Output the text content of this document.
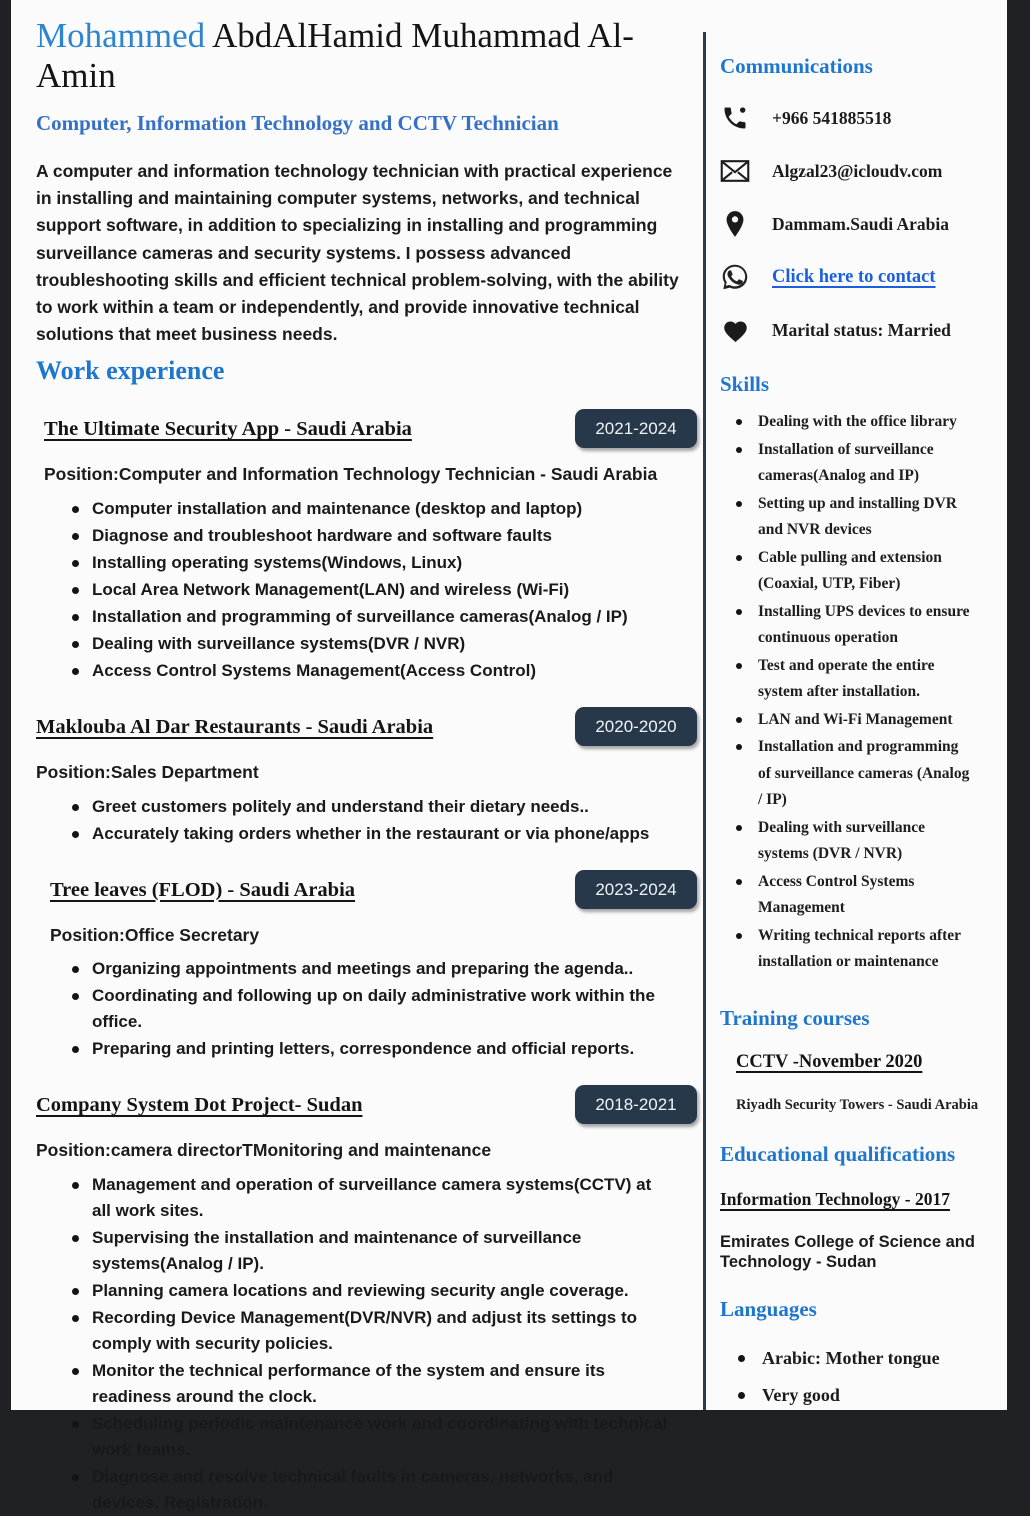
Mohammed AbdAlHamid Muhammad Al-Amin
Computer, Information Technology and CCTV Technician

A computer and information technology technician with practical experience in installing and maintaining computer systems, networks, and technical support software, in addition to specializing in installing and programming surveillance cameras and security systems. I possess advanced troubleshooting skills and efficient technical problem-solving, with the ability to work within a team or independently, and provide innovative technical solutions that meet business needs.

Work experience
The Ultimate Security App - Saudi Arabia	2021-2024

Position:Computer and Information Technology Technician - Saudi Arabia

Computer installation and maintenance (desktop and laptop)
Diagnose and troubleshoot hardware and software faults
Installing operating systems(Windows, Linux)
Local Area Network Management(LAN) and wireless (Wi-Fi)
Installation and programming of surveillance cameras(Analog / IP)
Dealing with surveillance systems(DVR / NVR)
Access Control Systems Management(Access Control)
Maklouba Al Dar Restaurants - Saudi Arabia	2020-2020

Position:Sales Department

Greet customers politely and understand their dietary needs..
Accurately taking orders whether in the restaurant or via phone/apps
Tree leaves (FLOD) - Saudi Arabia	2023-2024

Position:Office Secretary

Organizing appointments and meetings and preparing the agenda..
Coordinating and following up on daily administrative work within the office.
Preparing and printing letters, correspondence and official reports.
Company System Dot Project- Sudan	2018-2021

Position:camera directorTMonitoring and maintenance

Management and operation of surveillance camera systems(CCTV) at all work sites.
Supervising the installation and maintenance of surveillance systems(Analog / IP).
Planning camera locations and reviewing security angle coverage.
Recording Device Management(DVR/NVR) and adjust its settings to comply with security policies.
Monitor the technical performance of the system and ensure its readiness around the clock.
Scheduling periodic maintenance work and coordinating with technical work teams.
Diagnose and resolve technical faults in cameras, networks, and devices. Registration.
Communications
+966 541885518
Algzal23@icloudv.com
Dammam.Saudi Arabia
Click here to contact
Marital status: Married
Skills
Dealing with the office library
Installation of surveillance cameras(Analog and IP)
Setting up and installing DVR and NVR devices
Cable pulling and extension (Coaxial, UTP, Fiber)
Installing UPS devices to ensure continuous operation
Test and operate the entire system after installation.
LAN and Wi-Fi Management
Installation and programming of surveillance cameras (Analog / IP)
Dealing with surveillance systems (DVR / NVR)
Access Control Systems Management
Writing technical reports after installation or maintenance
Training courses
CCTV -November 2020
Riyadh Security Towers - Saudi Arabia
Educational qualifications
Information Technology - 2017
Emirates College of Science and Technology - Sudan
Languages
Arabic: Mother tongue
Very good
